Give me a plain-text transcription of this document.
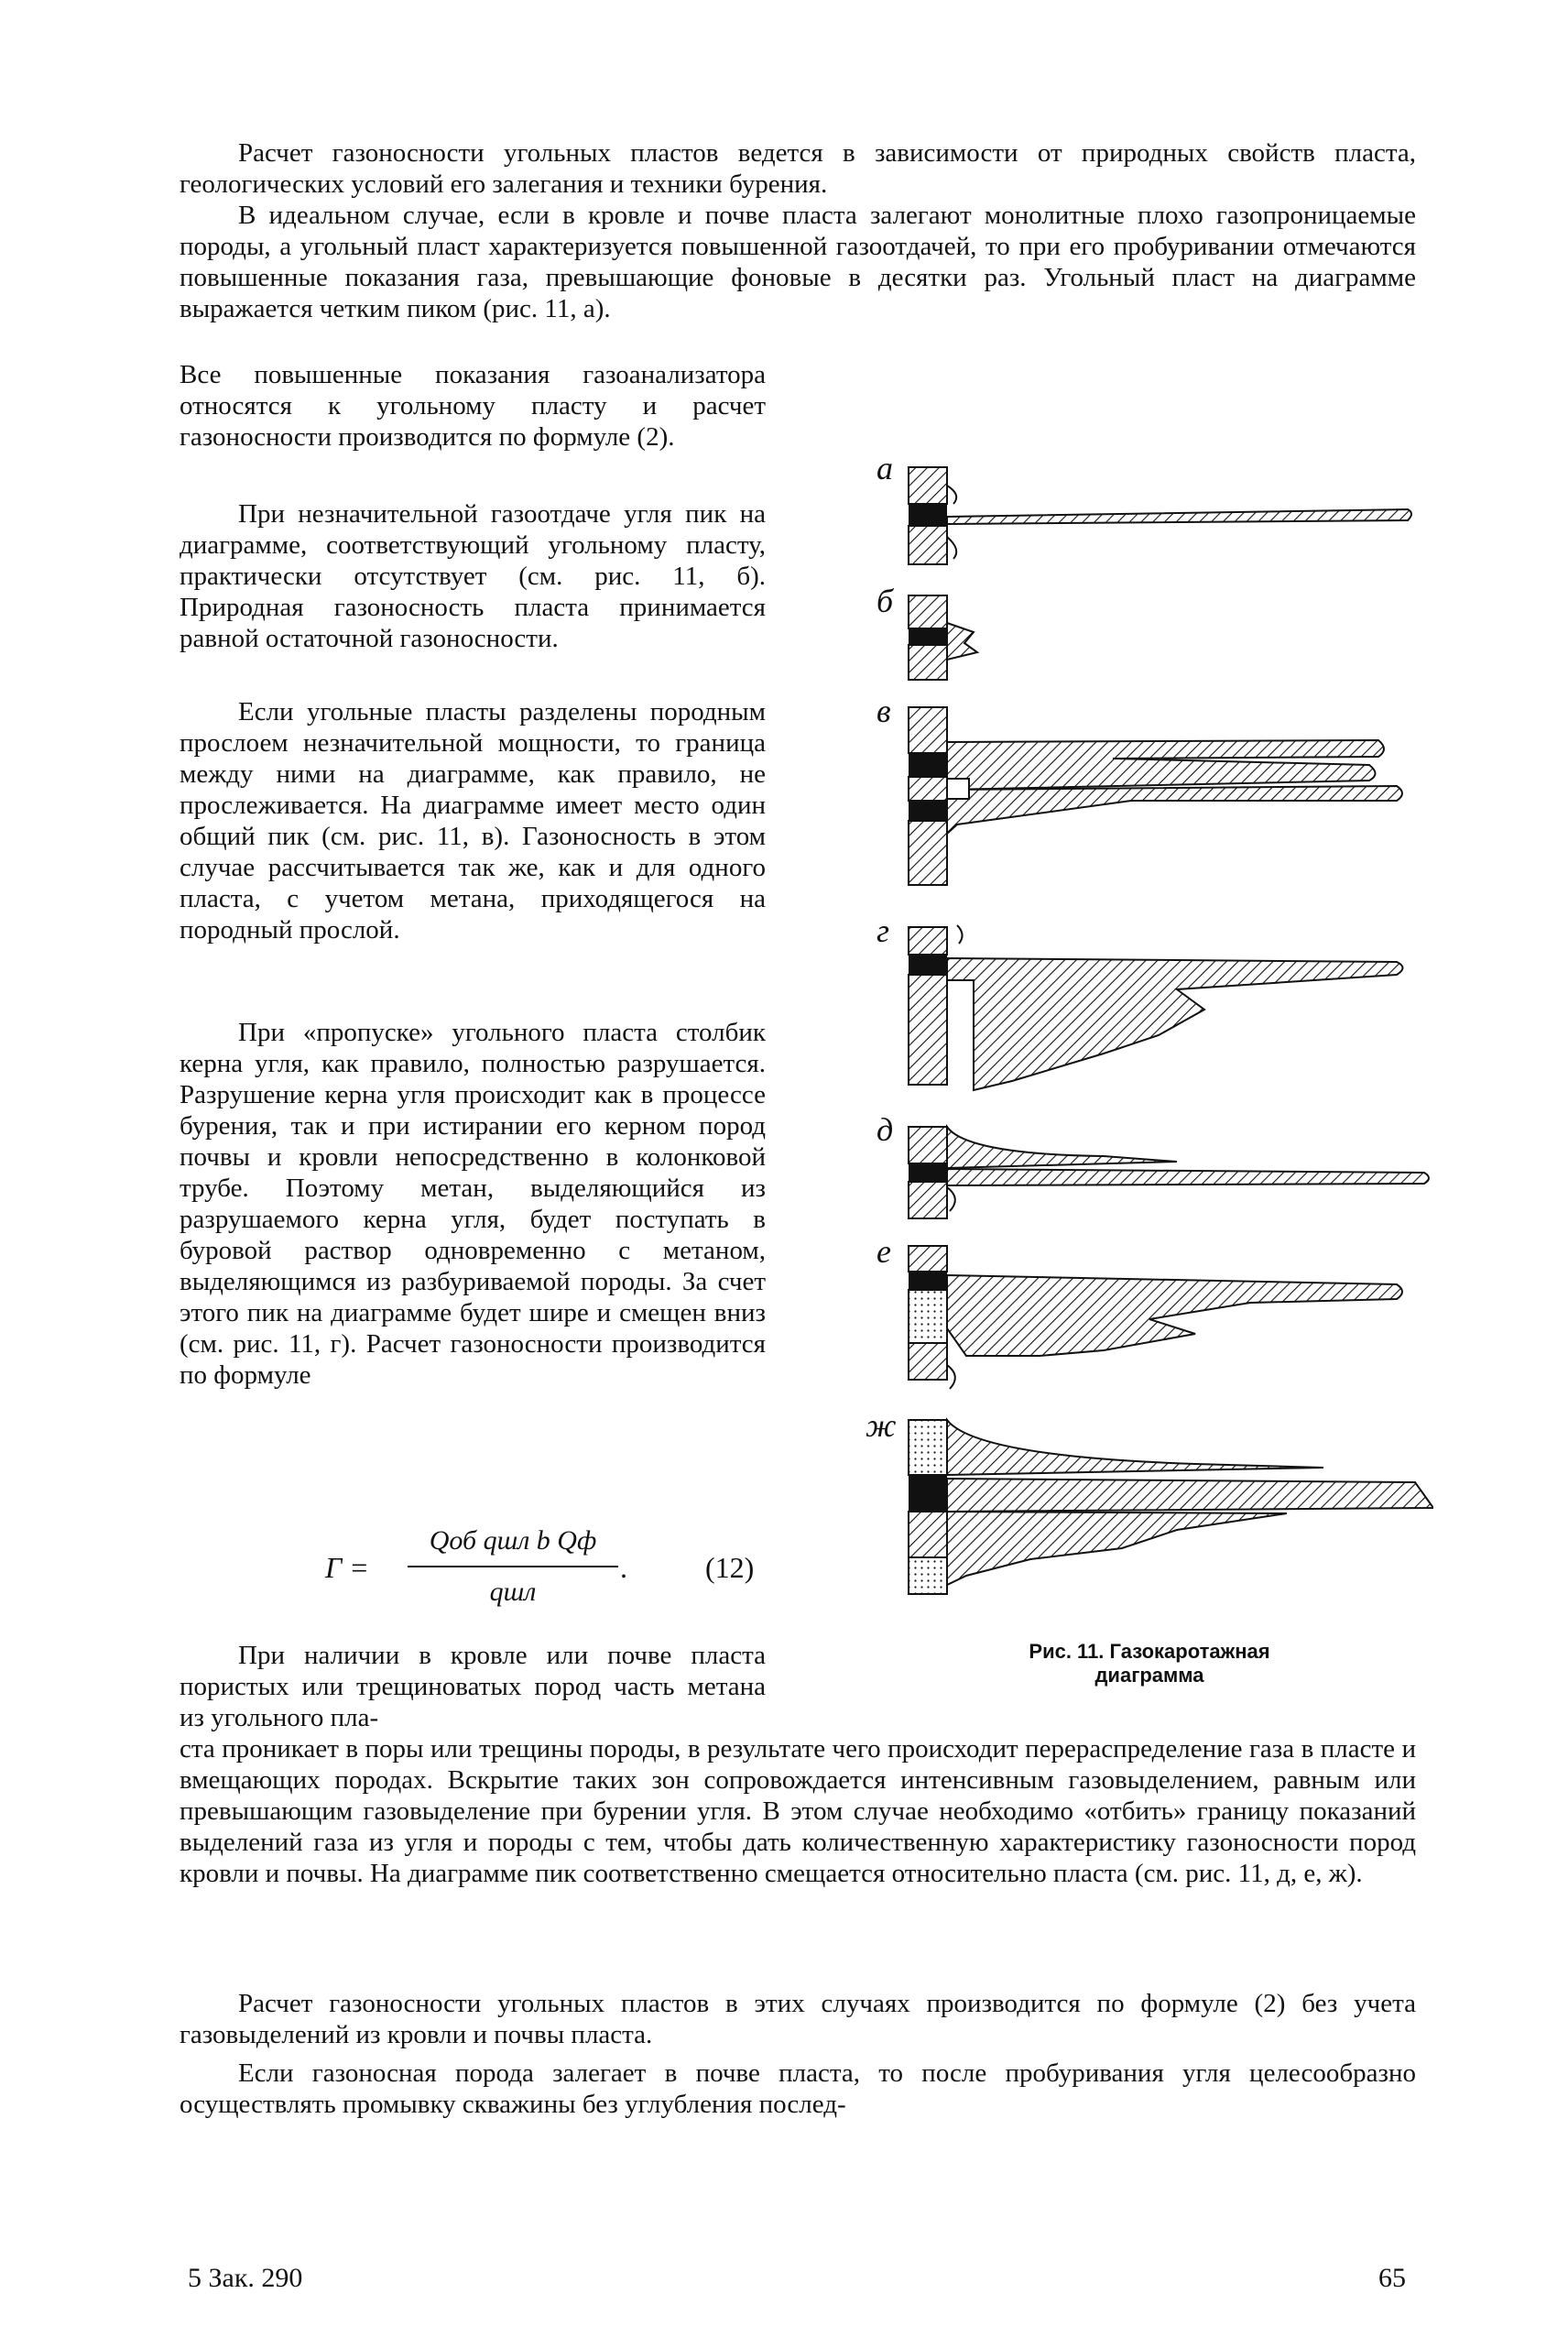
Расчет газоносности угольных пластов ведется в зависимости от природных свойств пласта, геологических условий его залегания и техники бурения.
В идеальном случае, если в кровле и почве пласта залегают монолитные плохо газопроницаемые породы, а угольный пласт характеризуется повышенной газоотдачей, то при его пробуривании отмечаются повышенные показания газа, превышающие фоновые в десятки раз. Угольный пласт на диаграмме выражается четким пиком (рис. 11, а).
Все повышенные показания газоанализатора относятся к угольному пласту и расчет газоносности производится по формуле (2).
При незначительной газоотдаче угля пик на диаграмме, соответствующий угольному пласту, практически отсутствует (см. рис. 11, б). Природная газоносность пласта принимается равной остаточной газоносности.
Если угольные пласты разделены породным прослоем незначительной мощности, то граница между ними на диаграмме, как правило, не прослеживается. На диаграмме имеет место один общий пик (см. рис. 11, в). Газоносность в этом случае рассчитывается так же, как и для одного пласта, с учетом метана, приходящегося на породный прослой.
При «пропуске» угольного пласта столбик керна угля, как правило, полностью разрушается. Разрушение керна угля происходит как в процессе бурения, так и при истирании его керном пород почвы и кровли непосредственно в колонковой трубе. Поэтому метан, выделяющийся из разрушаемого керна угля, будет поступать в буровой раствор одновременно с метаном, выделяющимся из разбуриваемой породы. За счет этого пик на диаграмме будет шире и смещен вниз (см. рис. 11, г). Расчет газоносности производится по формуле
Г =
Qоб qшл b Qф
.
qшл
(12)
При наличии в кровле или почве пласта пористых или трещиноватых пород часть метана из угольного пла-
ста проникает в поры или трещины породы, в результате чего происходит перераспределение газа в пласте и вмещающих породах. Вскрытие таких зон сопровождается интенсивным газовыделением, равным или превышающим газовыделение при бурении угля. В этом случае необходимо «отбить» границу показаний выделений газа из угля и породы с тем, чтобы дать количественную характеристику газоносности пород кровли и почвы. На диаграмме пик соответственно смещается относительно пласта (см. рис. 11, д, е, ж).
Расчет газоносности угольных пластов в этих случаях производится по формуле (2) без учета газовыделений из кровли и почвы пласта.
Если газоносная порода залегает в почве пласта, то после пробуривания угля целесообразно осуществлять промывку скважины без углубления послед-
а
б
в
г
д
е
ж
Рис. 11. Газокаротажная
диаграмма
5 Зак. 290	65
